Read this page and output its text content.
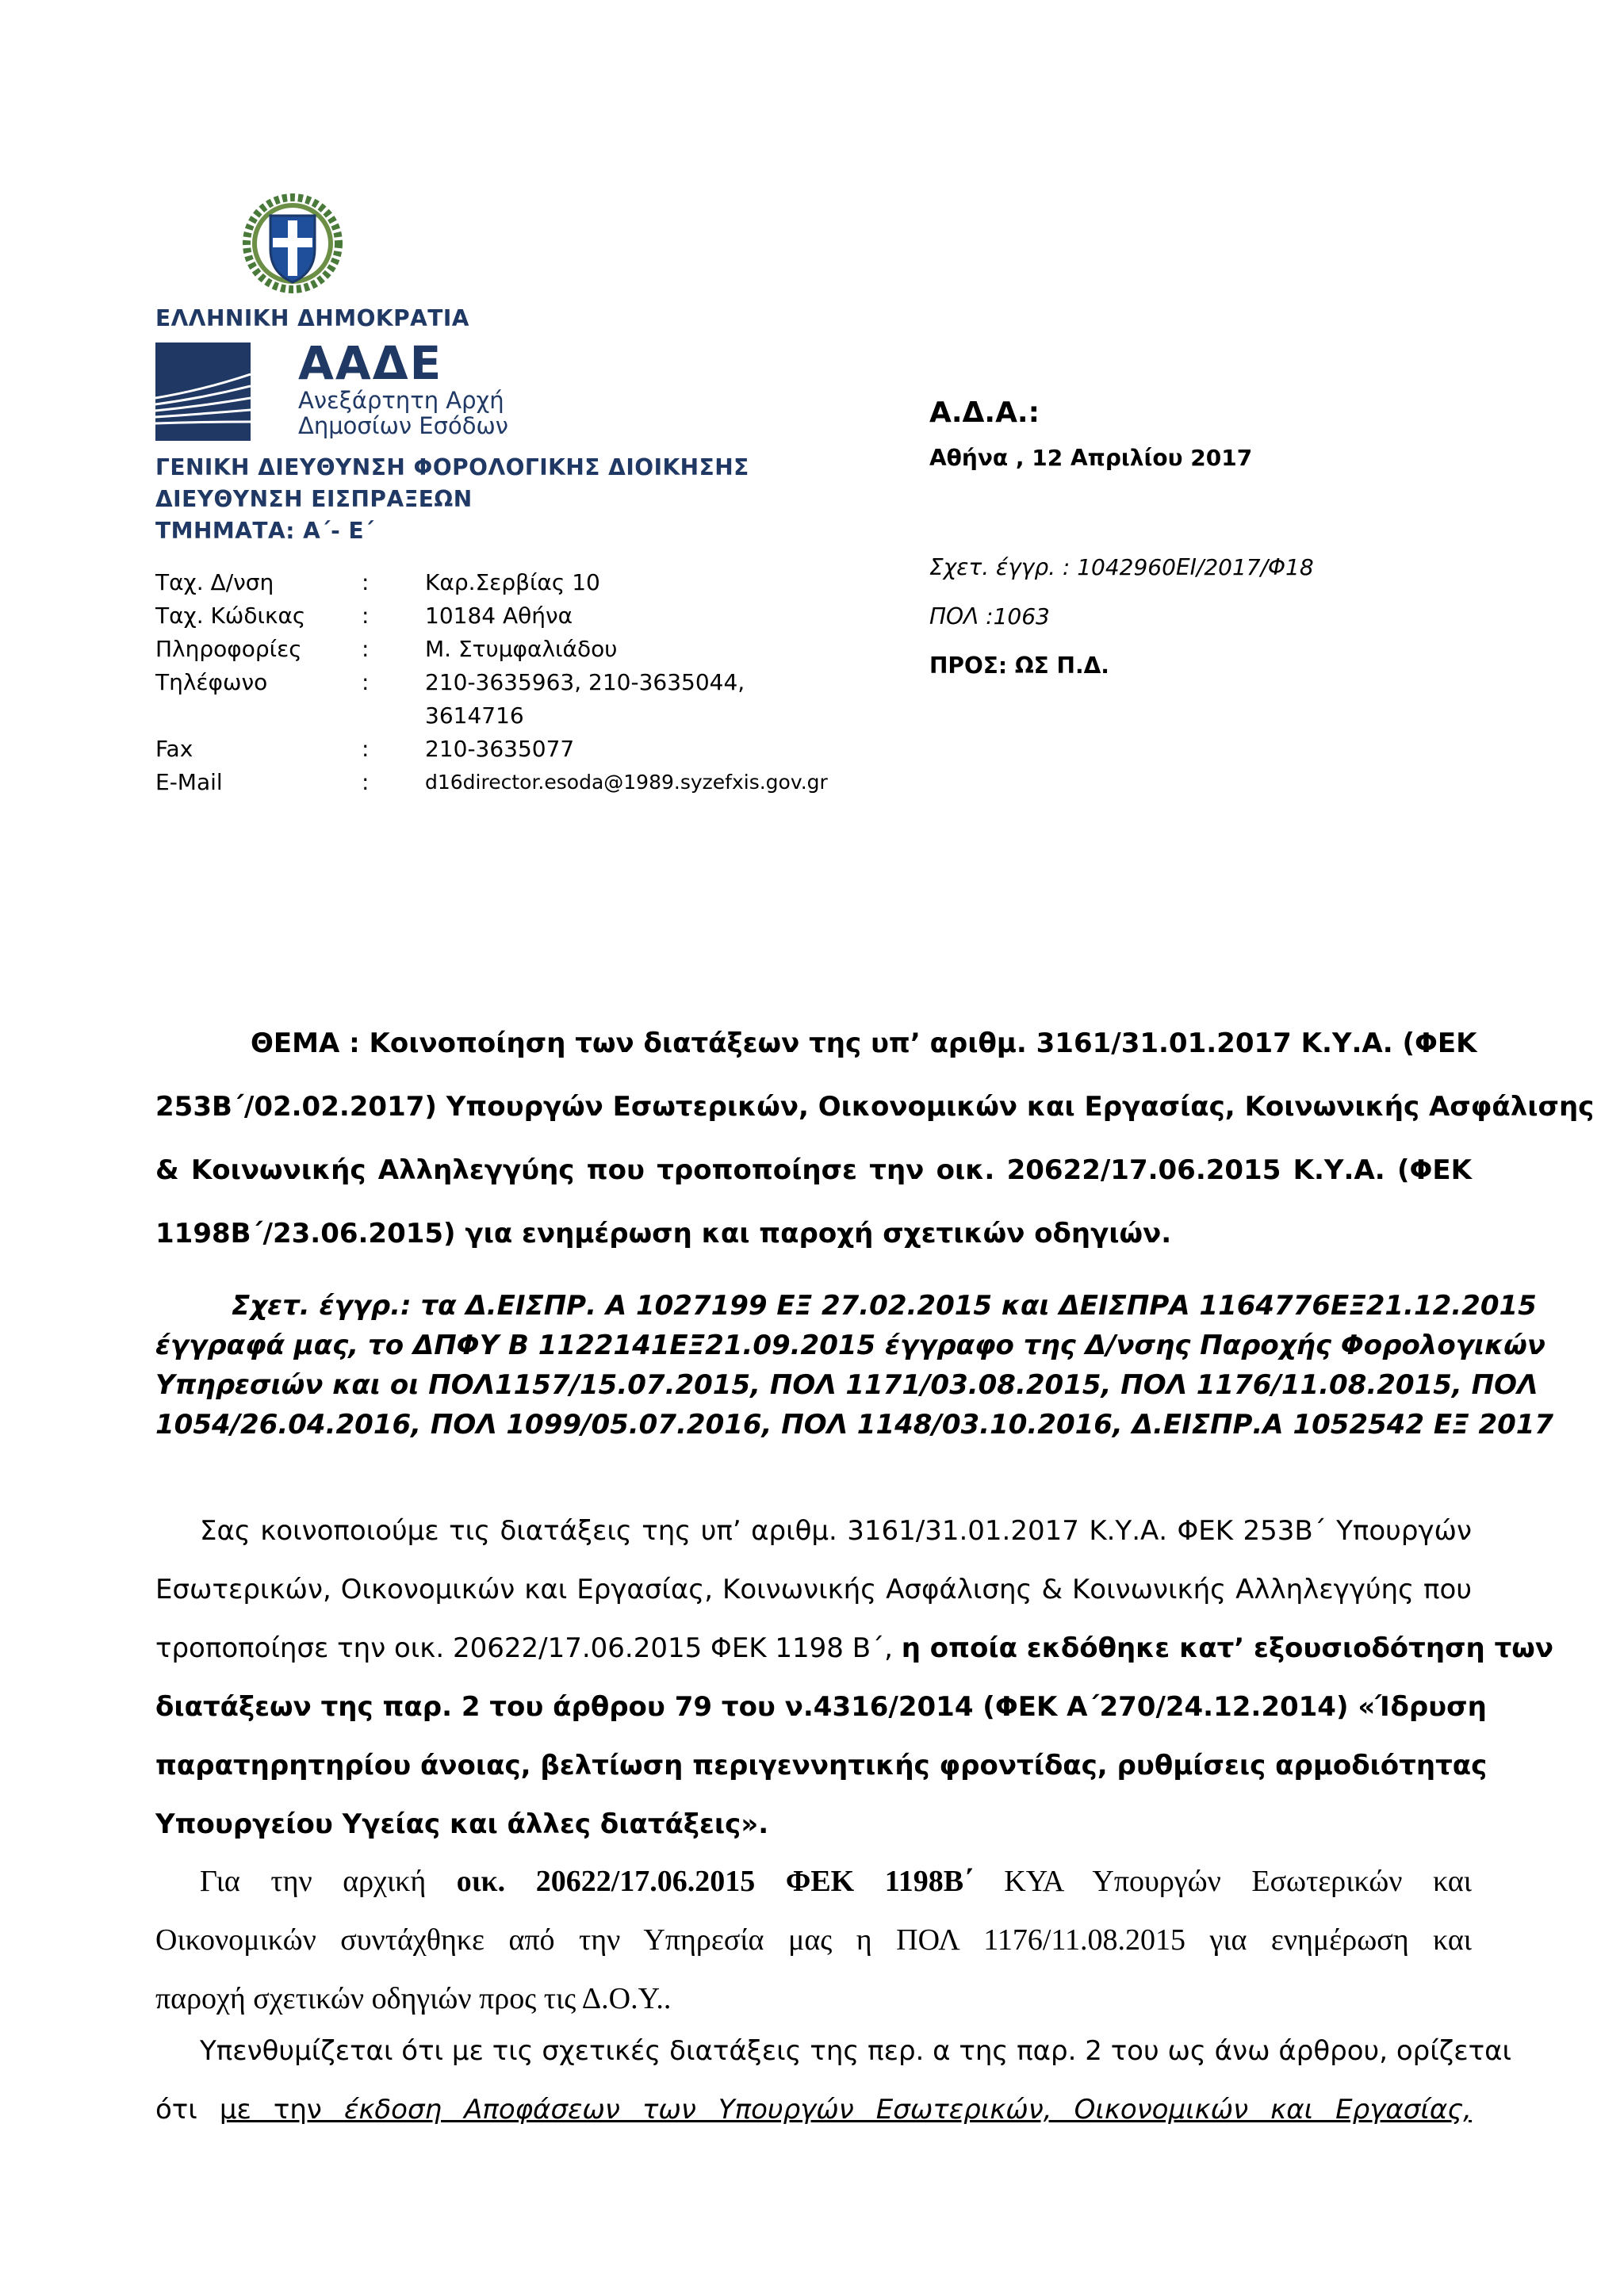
ΕΛΛΗΝΙΚΗ ΔΗΜΟΚΡΑΤΙΑ
ΑΑΔΕ
Ανεξάρτητη Αρχή
Δημοσίων Εσόδων
ΓΕΝΙΚΗ ΔΙΕΥΘΥΝΣΗ ΦΟΡΟΛΟΓΙΚΗΣ ΔΙΟΙΚΗΣΗΣ
ΔΙΕΥΘΥΝΣΗ ΕΙΣΠΡΑΞΕΩΝ
ΤΜΗΜΑΤΑ: Α΄- Ε΄
Ταχ. Δ/νση	:	Καρ.Σερβίας 10
Ταχ. Κώδικας	:	10184 Αθήνα
Πληροφορίες	:	Μ. Στυμφαλιάδου
Τηλέφωνο	:	210-3635963, 210-3635044,
3614716
Fax	:	210-3635077
E-Mail	:	d16director.esoda@1989.syzefxis.gov.gr
Α.Δ.Α.:
Αθήνα , 12 Απριλίου 2017
Σχετ. έγγρ. : 1042960ΕΙ/2017/Φ18
ΠΟΛ :1063
ΠΡΟΣ: ΩΣ Π.Δ.
ΘΕΜΑ : Κοινοποίηση των διατάξεων της υπ’ αριθμ. 3161/31.01.2017 Κ.Υ.Α. (ΦΕΚ
253Β΄/02.02.2017) Υπουργών Εσωτερικών, Οικονομικών και Εργασίας, Κοινωνικής Ασφάλισης
& Κοινωνικής Αλληλεγγύης που τροποποίησε την οικ. 20622/17.06.2015 Κ.Υ.Α. (ΦΕΚ
1198Β΄/23.06.2015) για ενημέρωση και παροχή σχετικών οδηγιών.
Σχετ. έγγρ.: τα Δ.ΕΙΣΠΡ. Α 1027199 ΕΞ 27.02.2015 και ΔΕΙΣΠΡΑ 1164776ΕΞ21.12.2015
έγγραφά μας, το ΔΠΦΥ Β 1122141ΕΞ21.09.2015 έγγραφο της Δ/νσης Παροχής Φορολογικών
Υπηρεσιών και οι ΠΟΛ1157/15.07.2015, ΠΟΛ 1171/03.08.2015, ΠΟΛ 1176/11.08.2015, ΠΟΛ
1054/26.04.2016, ΠΟΛ 1099/05.07.2016, ΠΟΛ 1148/03.10.2016, Δ.ΕΙΣΠΡ.Α 1052542 ΕΞ 2017
Σας κοινοποιούμε τις διατάξεις της υπ’ αριθμ. 3161/31.01.2017 Κ.Υ.Α. ΦΕΚ 253Β΄ Υπουργών
Εσωτερικών, Οικονομικών και Εργασίας, Κοινωνικής Ασφάλισης & Κοινωνικής Αλληλεγγύης που
τροποποίησε την οικ. 20622/17.06.2015 ΦΕΚ 1198 Β΄, η οποία εκδόθηκε κατ’ εξουσιοδότηση των
διατάξεων της παρ. 2 του άρθρου 79 του ν.4316/2014 (ΦΕΚ Α΄270/24.12.2014) «Ίδρυση
παρατηρητηρίου άνοιας, βελτίωση περιγεννητικής φροντίδας, ρυθμίσεις αρμοδιότητας
Υπουργείου Υγείας και άλλες διατάξεις».
Για την αρχική οικ. 20622/17.06.2015 ΦΕΚ 1198Β΄ ΚΥΑ Υπουργών Εσωτερικών και
Οικονομικών συντάχθηκε από την Υπηρεσία μας η ΠΟΛ 1176/11.08.2015 για ενημέρωση και
παροχή σχετικών οδηγιών προς τις Δ.Ο.Υ..
Υπενθυμίζεται ότι με τις σχετικές διατάξεις της περ. α της παρ. 2 του ως άνω άρθρου, ορίζεται
ότι με την έκδοση Αποφάσεων των Υπουργών Εσωτερικών, Οικονομικών και Εργασίας,
